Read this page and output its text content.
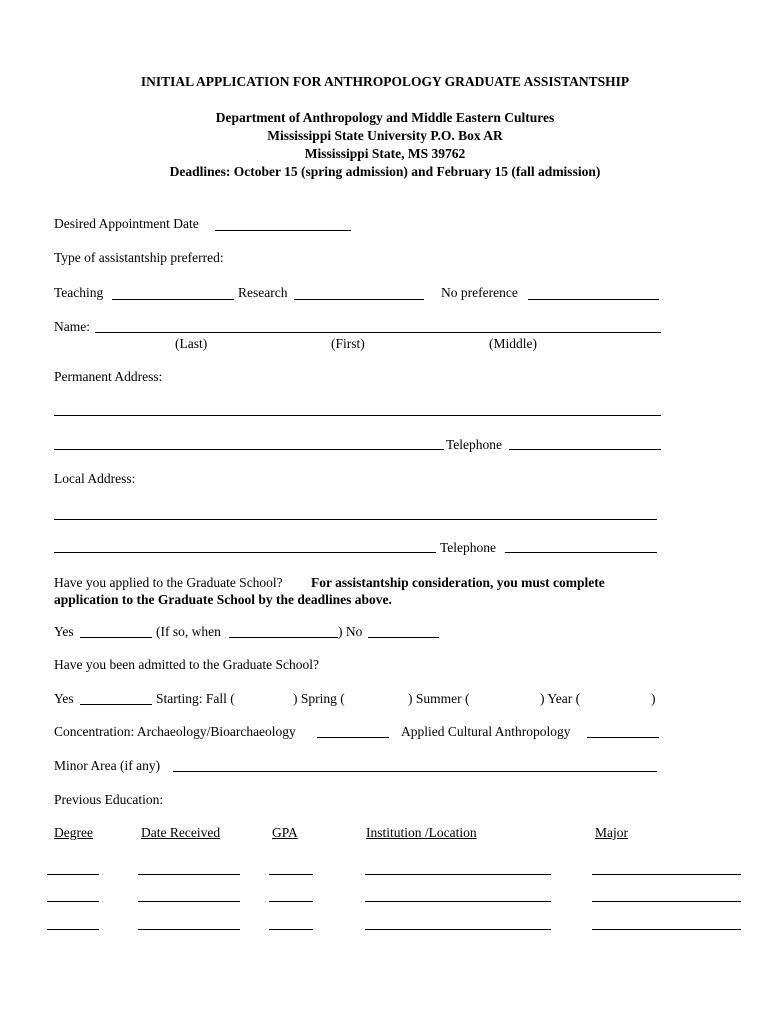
INITIAL APPLICATION FOR ANTHROPOLOGY GRADUATE ASSISTANTSHIP
Department of Anthropology and Middle Eastern Cultures
Mississippi State University P.O. Box AR
Mississippi State, MS 39762
Deadlines: October 15 (spring admission) and February 15 (fall admission)
Desired Appointment Date
Type of assistantship preferred:
Teaching	Research	No preference
Name:
(Last)	(First)	(Middle)
Permanent Address:
Telephone
Local Address:
Telephone
Have you applied to the Graduate School? For assistantship consideration, you must complete
application to the Graduate School by the deadlines above.
Yes	(If so, when	) No
Have you been admitted to the Graduate School?
Yes	Starting: Fall (	) Spring (	) Summer (	) Year (	)
Concentration: Archaeology/Bioarchaeology	Applied Cultural Anthropology
Minor Area (if any)
Previous Education:
Degree	Date Received	GPA	Institution /Location	Major
